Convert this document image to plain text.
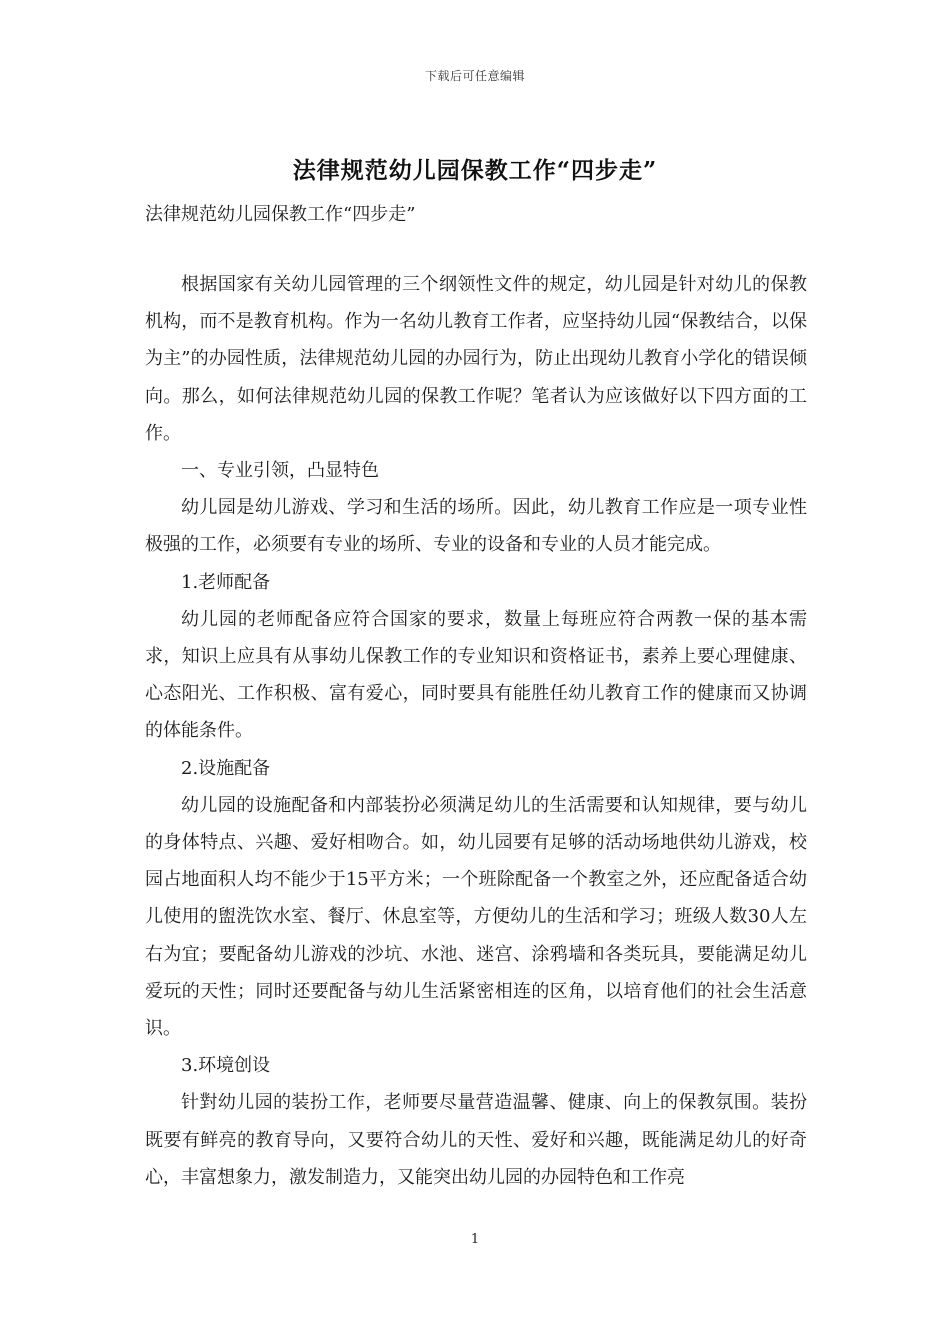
下载后可任意编辑
法律规范幼儿园保教工作“四步走”
法律规范幼儿园保教工作“四步走”

根据国家有关幼儿园管理的三个纲领性文件的规定，幼儿园是针对幼儿的保教机构，而不是教育机构。作为一名幼儿教育工作者，应坚持幼儿园“保教结合，以保为主”的办园性质，法律规范幼儿园的办园行为，防止出现幼儿教育小学化的错误倾向。那么，如何法律规范幼儿园的保教工作呢？笔者认为应该做好以下四方面的工作。

一、专业引领，凸显特色

幼儿园是幼儿游戏、学习和生活的场所。因此，幼儿教育工作应是一项专业性极强的工作，必须要有专业的场所、专业的设备和专业的人员才能完成。

1.老师配备

幼儿园的老师配备应符合国家的要求，数量上每班应符合两教一保的基本需求，知识上应具有从事幼儿保教工作的专业知识和资格证书，素养上要心理健康、心态阳光、工作积极、富有爱心，同时要具有能胜任幼儿教育工作的健康而又协调的体能条件。

2.设施配备

幼儿园的设施配备和内部装扮必须满足幼儿的生活需要和认知规律，要与幼儿的身体特点、兴趣、爱好相吻合。如，幼儿园要有足够的活动场地供幼儿游戏，校园占地面积人均不能少于15平方米；一个班除配备一个教室之外，还应配备适合幼儿使用的盥洗饮水室、餐厅、休息室等，方便幼儿的生活和学习；班级人数30人左右为宜；要配备幼儿游戏的沙坑、水池、迷宫、涂鸦墙和各类玩具，要能满足幼儿爱玩的天性；同时还要配备与幼儿生活紧密相连的区角，以培育他们的社会生活意识。

3.环境创设

针對幼儿园的装扮工作，老师要尽量营造温馨、健康、向上的保教氛围。装扮既要有鲜亮的教育导向，又要符合幼儿的天性、爱好和兴趣，既能满足幼儿的好奇心，丰富想象力，激发制造力，又能突出幼儿园的办园特色和工作亮

1
